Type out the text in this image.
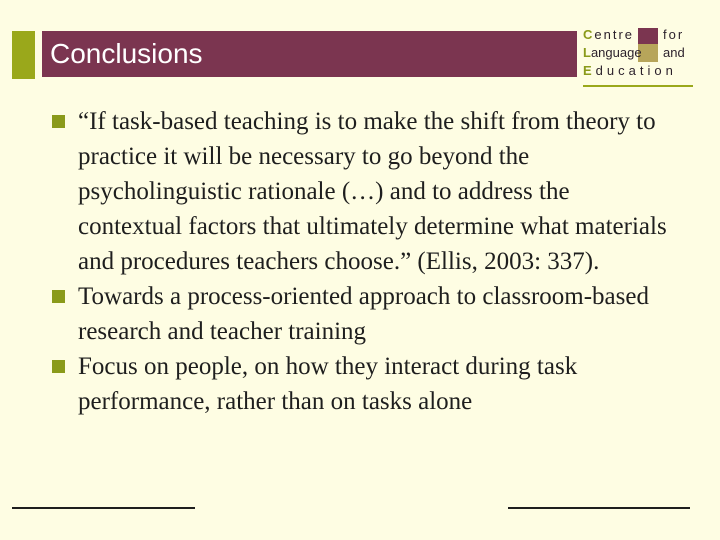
Conclusions
Centre for
Language and
Education
“If task-based teaching is to make the shift from theory to practice it will be necessary to go beyond the psycholinguistic rationale (…) and to address the contextual factors that ultimately determine what materials and procedures teachers choose.” (Ellis, 2003: 337).
Towards a process-oriented approach to classroom-based research and teacher training
Focus on people, on how they interact during task performance, rather than on tasks alone
